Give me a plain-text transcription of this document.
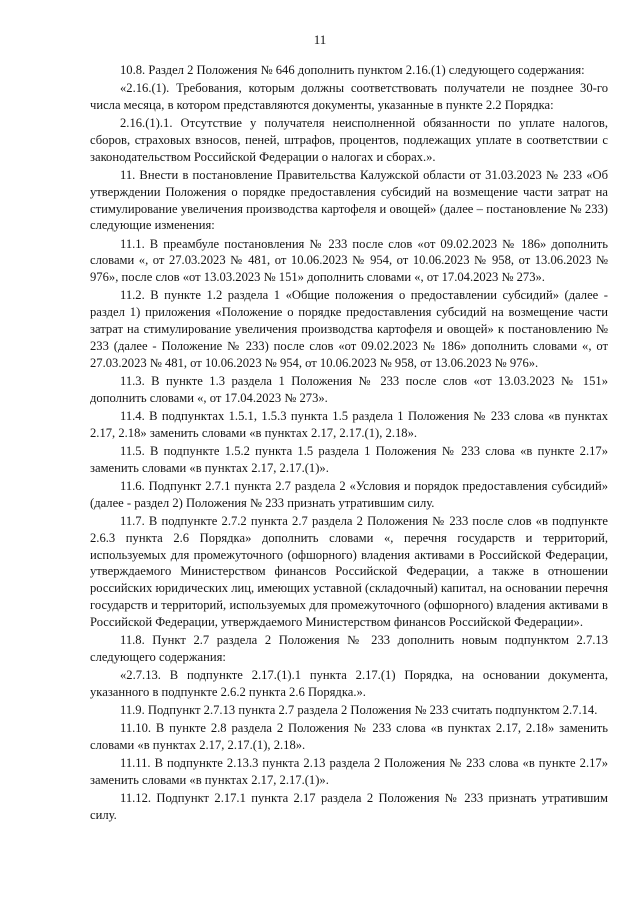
11

10.8. Раздел 2 Положения № 646 дополнить пунктом 2.16.(1) следующего содержания:

«2.16.(1). Требования, которым должны соответствовать получатели не позднее 30-го числа месяца, в котором представляются документы, указанные в пункте 2.2 Порядка:

2.16.(1).1. Отсутствие у получателя неисполненной обязанности по уплате налогов, сборов, страховых взносов, пеней, штрафов, процентов, подлежащих уплате в соответствии с законодательством Российской Федерации о налогах и сборах.».

11. Внести в постановление Правительства Калужской области от 31.03.2023 № 233 «Об утверждении Положения о порядке предоставления субсидий на возмещение части затрат на стимулирование увеличения производства картофеля и овощей» (далее – постановление № 233) следующие изменения:

11.1. В преамбуле постановления № 233 после слов «от 09.02.2023 № 186» дополнить словами «, от 27.03.2023 № 481, от 10.06.2023 № 954, от 10.06.2023 № 958, от 13.06.2023 № 976», после слов «от 13.03.2023 № 151» дополнить словами «, от 17.04.2023 № 273».

11.2. В пункте 1.2 раздела 1 «Общие положения о предоставлении субсидий» (далее - раздел 1) приложения «Положение о порядке предоставления субсидий на возмещение части затрат на стимулирование увеличения производства картофеля и овощей» к постановлению № 233 (далее - Положение № 233) после слов «от 09.02.2023 № 186» дополнить словами «, от 27.03.2023 № 481, от 10.06.2023 № 954, от 10.06.2023 № 958, от 13.06.2023 № 976».

11.3. В пункте 1.3 раздела 1 Положения № 233 после слов «от 13.03.2023 № 151» дополнить словами «, от 17.04.2023 № 273».

11.4. В подпунктах 1.5.1, 1.5.3 пункта 1.5 раздела 1 Положения № 233 слова «в пунктах 2.17, 2.18» заменить словами «в пунктах 2.17, 2.17.(1), 2.18».

11.5. В подпункте 1.5.2 пункта 1.5 раздела 1 Положения № 233 слова «в пункте 2.17» заменить словами «в пунктах 2.17, 2.17.(1)».

11.6. Подпункт 2.7.1 пункта 2.7 раздела 2 «Условия и порядок предоставления субсидий» (далее - раздел 2) Положения № 233 признать утратившим силу.

11.7. В подпункте 2.7.2 пункта 2.7 раздела 2 Положения № 233 после слов «в подпункте 2.6.3 пункта 2.6 Порядка» дополнить словами «, перечня государств и территорий, используемых для промежуточного (офшорного) владения активами в Российской Федерации, утверждаемого Министерством финансов Российской Федерации, а также в отношении российских юридических лиц, имеющих уставной (складочный) капитал, на основании перечня государств и территорий, используемых для промежуточного (офшорного) владения активами в Российской Федерации, утверждаемого Министерством финансов Российской Федерации».

11.8. Пункт 2.7 раздела 2 Положения № 233 дополнить новым подпунктом 2.7.13 следующего содержания:

«2.7.13. В подпункте 2.17.(1).1 пункта 2.17.(1) Порядка, на основании документа, указанного в подпункте 2.6.2 пункта 2.6 Порядка.».

11.9. Подпункт 2.7.13 пункта 2.7 раздела 2 Положения № 233 считать подпунктом 2.7.14.

11.10. В пункте 2.8 раздела 2 Положения № 233 слова «в пунктах 2.17, 2.18» заменить словами «в пунктах 2.17, 2.17.(1), 2.18».

11.11. В подпункте 2.13.3 пункта 2.13 раздела 2 Положения № 233 слова «в пункте 2.17» заменить словами «в пунктах 2.17, 2.17.(1)».

11.12. Подпункт 2.17.1 пункта 2.17 раздела 2 Положения № 233 признать утратившим силу.
